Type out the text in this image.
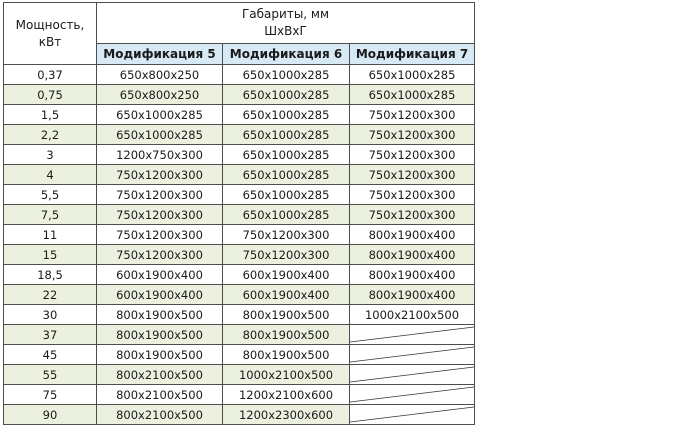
Мощность,
кВт	Габариты, мм
ШхВхГ		
	Модификация 5	Модификация 6	Модификация 7
0,37	650x800x250	650x1000x285	650x1000x285
0,75	650x800x250	650x1000x285	650x1000x285
1,5	650x1000x285	650x1000x285	750x1200x300
2,2	650x1000x285	650x1000x285	750x1200x300
3	1200x750x300	650x1000x285	750x1200x300
4	750x1200x300	650x1000x285	750x1200x300
5,5	750x1200x300	650x1000x285	750x1200x300
7,5	750x1200x300	650x1000x285	750x1200x300
11	750x1200x300	750x1200x300	800x1900x400
15	750x1200x300	750x1200x300	800x1900x400
18,5	600x1900x400	600x1900x400	800x1900x400
22	600x1900x400	600x1900x400	800x1900x400
30	800x1900x500	800x1900x500	1000x2100x500
37	800x1900x500	800x1900x500	

45	800x1900x500	800x1900x500	

55	800x2100x500	1000x2100x500	

75	800x2100x500	1200x2100x600	

90	800x2100x500	1200x2300x600	
